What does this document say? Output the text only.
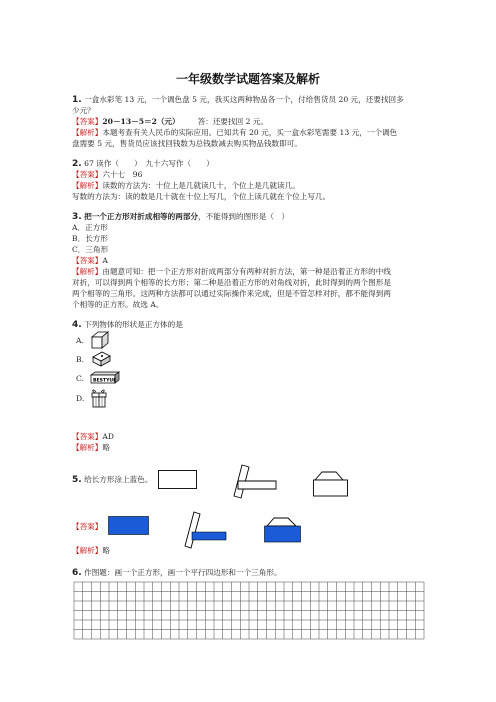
一年级数学试题答案及解析
1. 一盒水彩笔 13 元，一个调色盘 5 元，我买这两种物品各一个，付给售货员 20 元，还要找回多
少元？
【答案】20－13－5＝2（元） 答：还要找回 2 元。
【解析】本题考查有关人民币的实际应用。已知共有 20 元，买一盒水彩笔需要 13 元，一个调色
盘需要 5 元，售货员应该找回钱数为总钱数减去购买物品钱数即可。
2. 67 读作（　　）　九十六写作（　　）
【答案】六十七　96
【解析】读数的方法为：十位上是几就读几十，个位上是几就读几。
写数的方法为：读的数是几十就在十位上写几，个位上读几就在个位上写几。
3. 把一个正方形对折成相等的两部分，不能得到的图形是（　）
A．正方形
B．长方形
C．三角形
【答案】A
【解析】由题意可知：把一个正方形对折成两部分有两种对折方法，第一种是沿着正方形的中线
对折，可以得到两个相等的长方形；第二种是沿着正方形的对角线对折，此时得到的两个图形是
两个相等的三角形。这两种方法都可以通过实际操作来完成，但是不管怎样对折，都不能得到两
个相等的正方形。故选 A。
4. 下列物体的形状是正方体的是
A.
B.
C.
D.
BESTYUE
【答案】AD
【解析】略
5. 给长方形涂上蓝色。
【答案】
【解析】略
6. 作图题：画一个正方形，画一个平行四边形和一个三角形。
